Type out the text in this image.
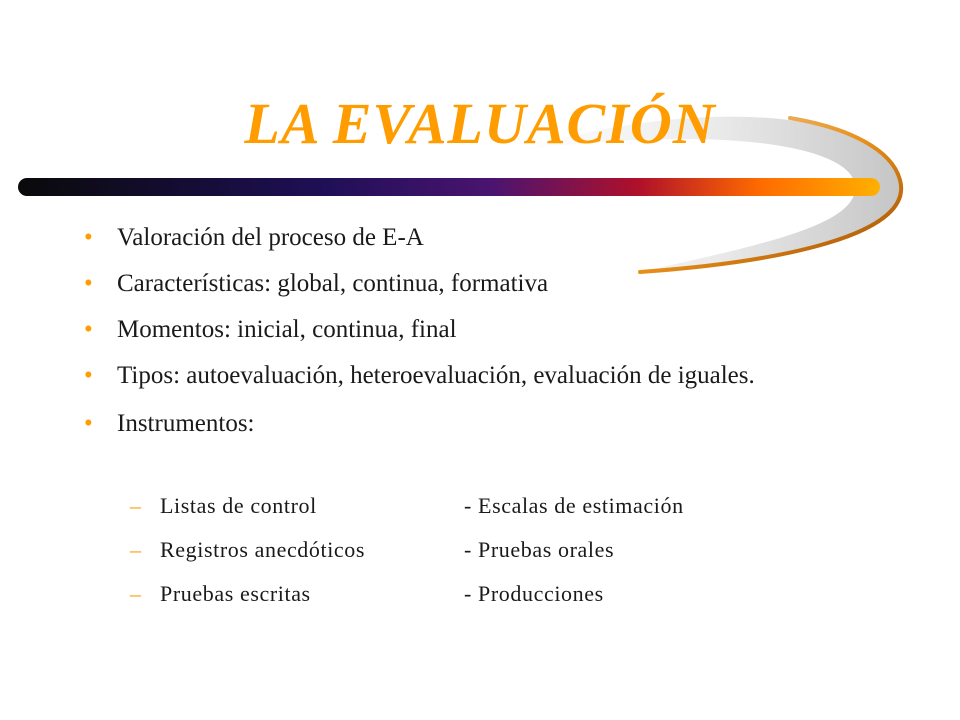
LA EVALUACIÓN
• Valoración del proceso de E-A
• Características: global, continua, formativa
• Momentos: inicial, continua, final
• Tipos: autoevaluación, heteroevaluación, evaluación de iguales.
• Instrumentos:
– Listas de control	- Escalas de estimación
– Registros anecdóticos	- Pruebas orales
– Pruebas escritas	- Producciones
